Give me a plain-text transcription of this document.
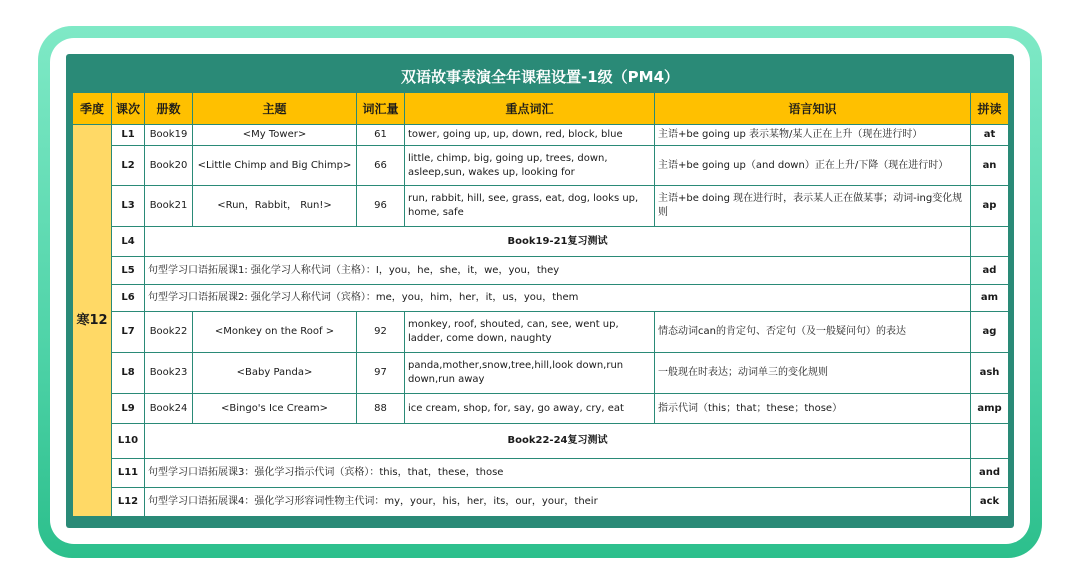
双语故事表演全年课程设置-1级（PM4）
季度	课次	册数	主题	词汇量	重点词汇	语言知识	拼读
寒12	L1	Book19	<My Tower>	61	tower, going up, up, down, red, block, blue	主语+be going up 表示某物/某人正在上升（现在进行时）	at
	L2	Book20	<Little Chimp and Big Chimp>	66	little, chimp, big, going up, trees, down, asleep,sun, wakes up, looking for	主语+be going up（and down）正在上升/下降（现在进行时）	an
	L3	Book21	<Run，Rabbit， Run!>	96	run, rabbit, hill, see, grass, eat, dog, looks up, home, safe	主语+be doing 现在进行时，表示某人正在做某事；动词-ing变化规则	ap
	L4	Book19-21复习测试					
	L5	句型学习口语拓展课1: 强化学习人称代词（主格）：I，you，he，she，it，we，you，they					ad
	L6	句型学习口语拓展课2: 强化学习人称代词（宾格）：me，you，him，her，it，us，you，them					am
	L7	Book22	<Monkey on the Roof >	92	monkey, roof, shouted, can, see, went up, ladder, come down, naughty	情态动词can的肯定句、否定句（及一般疑问句）的表达	ag
	L8	Book23	<Baby Panda>	97	panda,mother,snow,tree,hill,look down,run down,run away	一般现在时表达；动词单三的变化规则	ash
	L9	Book24	<Bingo's Ice Cream>	88	ice cream, shop, for, say, go away, cry, eat	指示代词（this；that；these；those）	amp
	L10	Book22-24复习测试					
	L11	句型学习口语拓展课3：强化学习指示代词（宾格）：this，that，these，those					and
	L12	句型学习口语拓展课4：强化学习形容词性物主代词：my，your，his，her，its，our，your，their					ack
